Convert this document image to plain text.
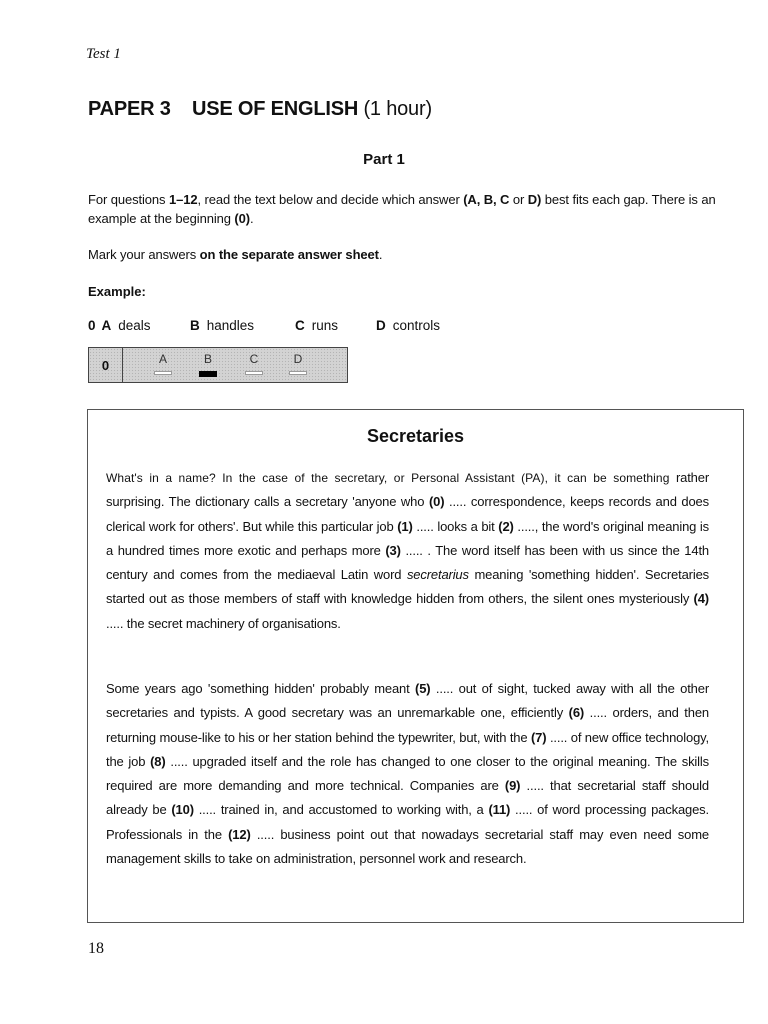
Test 1
PAPER 3 USE OF ENGLISH (1 hour)
Part 1

For questions 1–12, read the text below and decide which answer (A, B, C or D) best fits each gap. There is an example at the beginning (0).

Mark your answers on the separate answer sheet.

Example:

0 A deals	B handles	C runs	D controls
0	A	B	C	D
Secretaries

What's in a name? In the case of the secretary, or Personal Assistant (PA), it can be something rather surprising. The dictionary calls a secretary 'anyone who (0) ..... correspondence, keeps records and does clerical work for others'. But while this particular job (1) ..... looks a bit (2) ....., the word's original meaning is a hundred times more exotic and perhaps more (3) ..... . The word itself has been with us since the 14th century and comes from the mediaeval Latin word secretarius meaning 'something hidden'. Secretaries started out as those members of staff with knowledge hidden from others, the silent ones mysteriously (4) ..... the secret machinery of organisations.

Some years ago 'something hidden' probably meant (5) ..... out of sight, tucked away with all the other secretaries and typists. A good secretary was an unremarkable one, efficiently (6) ..... orders, and then returning mouse-like to his or her station behind the typewriter, but, with the (7) ..... of new office technology, the job (8) ..... upgraded itself and the role has changed to one closer to the original meaning. The skills required are more demanding and more technical. Companies are (9) ..... that secretarial staff should already be (10) ..... trained in, and accustomed to working with, a (11) ..... of word processing packages. Professionals in the (12) ..... business point out that nowadays secretarial staff may even need some management skills to take on administration, personnel work and research.

18
